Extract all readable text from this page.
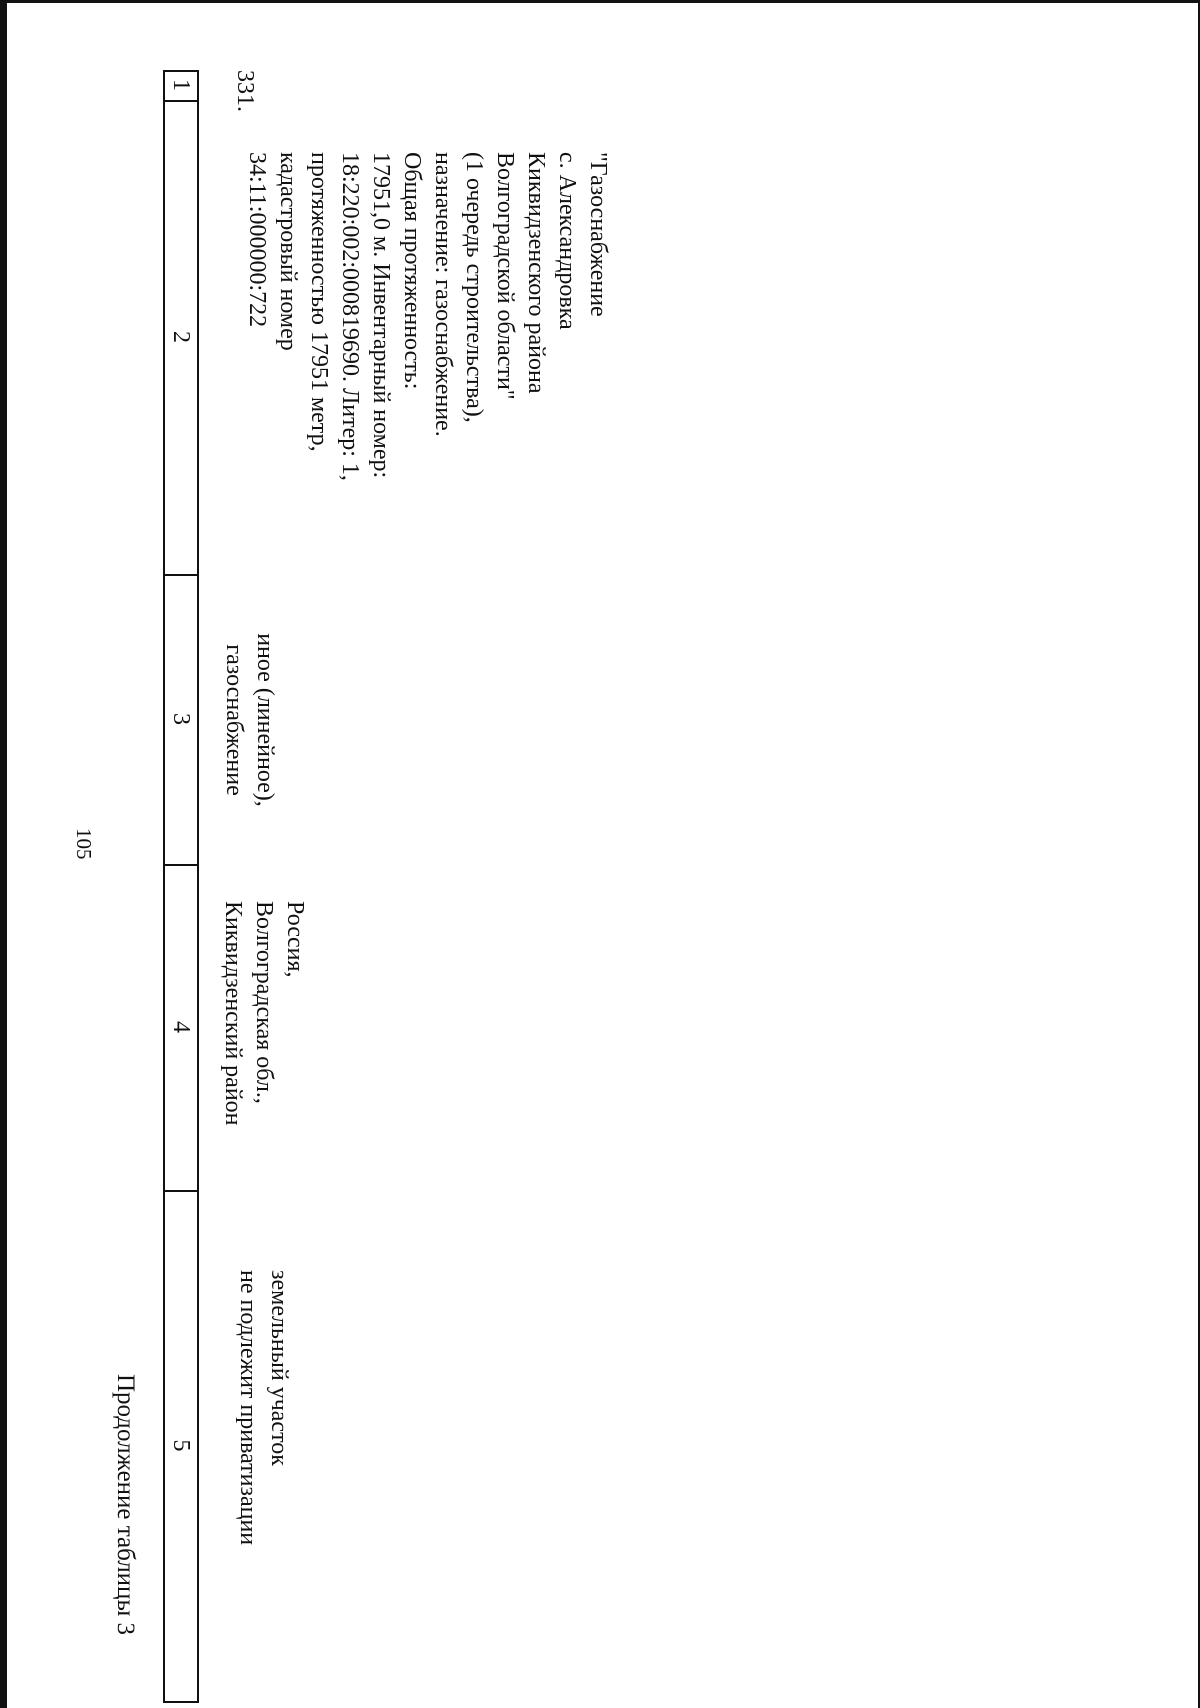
105
Продолжение таблицы 3
1
2
3
4
5
331.
"Газоснабжение
с. Александровка
Киквидзенского района
Волгоградской области"
(1 очередь строительства),
назначение: газоснабжение.
Общая протяженность:
17951,0 м. Инвентарный номер:
18:220:002:000819690. Литер: 1,
протяженностью 17951 метр,
кадастровый номер
34:11:000000:722
иное (линейное),
газоснабжение
Россия,
Волгоградская обл.,
Киквидзенский район
земельный участок
не подлежит приватизации
